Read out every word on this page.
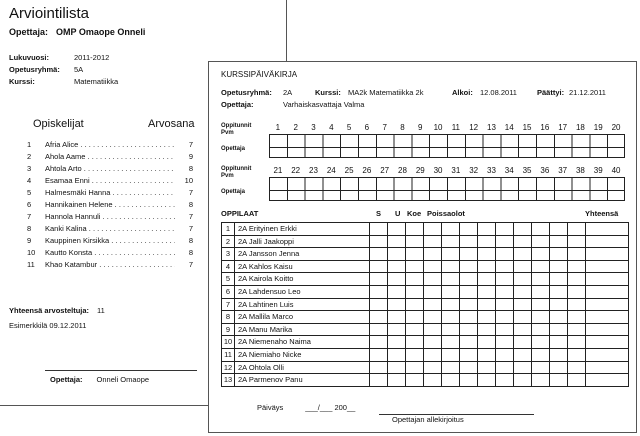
Arviointilista
Opettaja: OMP Omaope Onneli
Lukuvuosi:	2011-2012
Opetusryhmä:	5A
Kurssi:	Matematiikka
Opiskelijat	Arvosana
1	Afria Alice . . .	7
2	Ahola Aame . . .	9
3	Ahtola Arto . . .	8
4	Esamaa Enni . . .	10
5	Halmesmäki Hanna . . .	7
6	Hannikainen Helene . . .	8
7	Hannola Hannuli . . .	7
8	Kanki Kalina . . .	7
9	Kauppinen Kirsikka . . .	8
10	Kautto Konsta . . .	8
11	Khao Katambur . . .	7
Yhteensä arvosteltuja: 11
Esimerkkilä 09.12.2011
Opettaja: Onneli Omaope
KURSSIPÄIVÄKIRJA
Opetusryhmä: 2A	Kurssi: MA2k Matematiikka 2k	Alkoi: 12.08.2011	Päättyi: 21.12.2011
Opettaja:	Varhaiskasvattaja Valma
Oppitunnit
Pvm
Opettaja
1	2	3	4	5	6	7	8	9	10	11	12	13	14	15	16	17	18	19	20
Oppitunnit
Pvm
Opettaja
21	22	23	24	25	26	27	28	29	30	31	32	33	34	35	36	37	38	39	40
OPPILAAT	S U Koe Poissaolot	Yhteensä
1	2A Erityinen Erkki
2	2A Jalli Jaakoppi
3	2A Jansson Jenna
4	2A Kahlos Kaisu
5	2A Kairola Koitto
6	2A Lahdensuo Leo
7	2A Lahtinen Luis
8	2A Mallila Marco
9	2A Manu Marika
10 2A Niemenaho Naima
11 2A Niemiaho Nicke
12 2A Ohtola Olli
13 2A Parmenov Panu
Päiväys	___/___ 200__
Opettajan allekirjoitus
